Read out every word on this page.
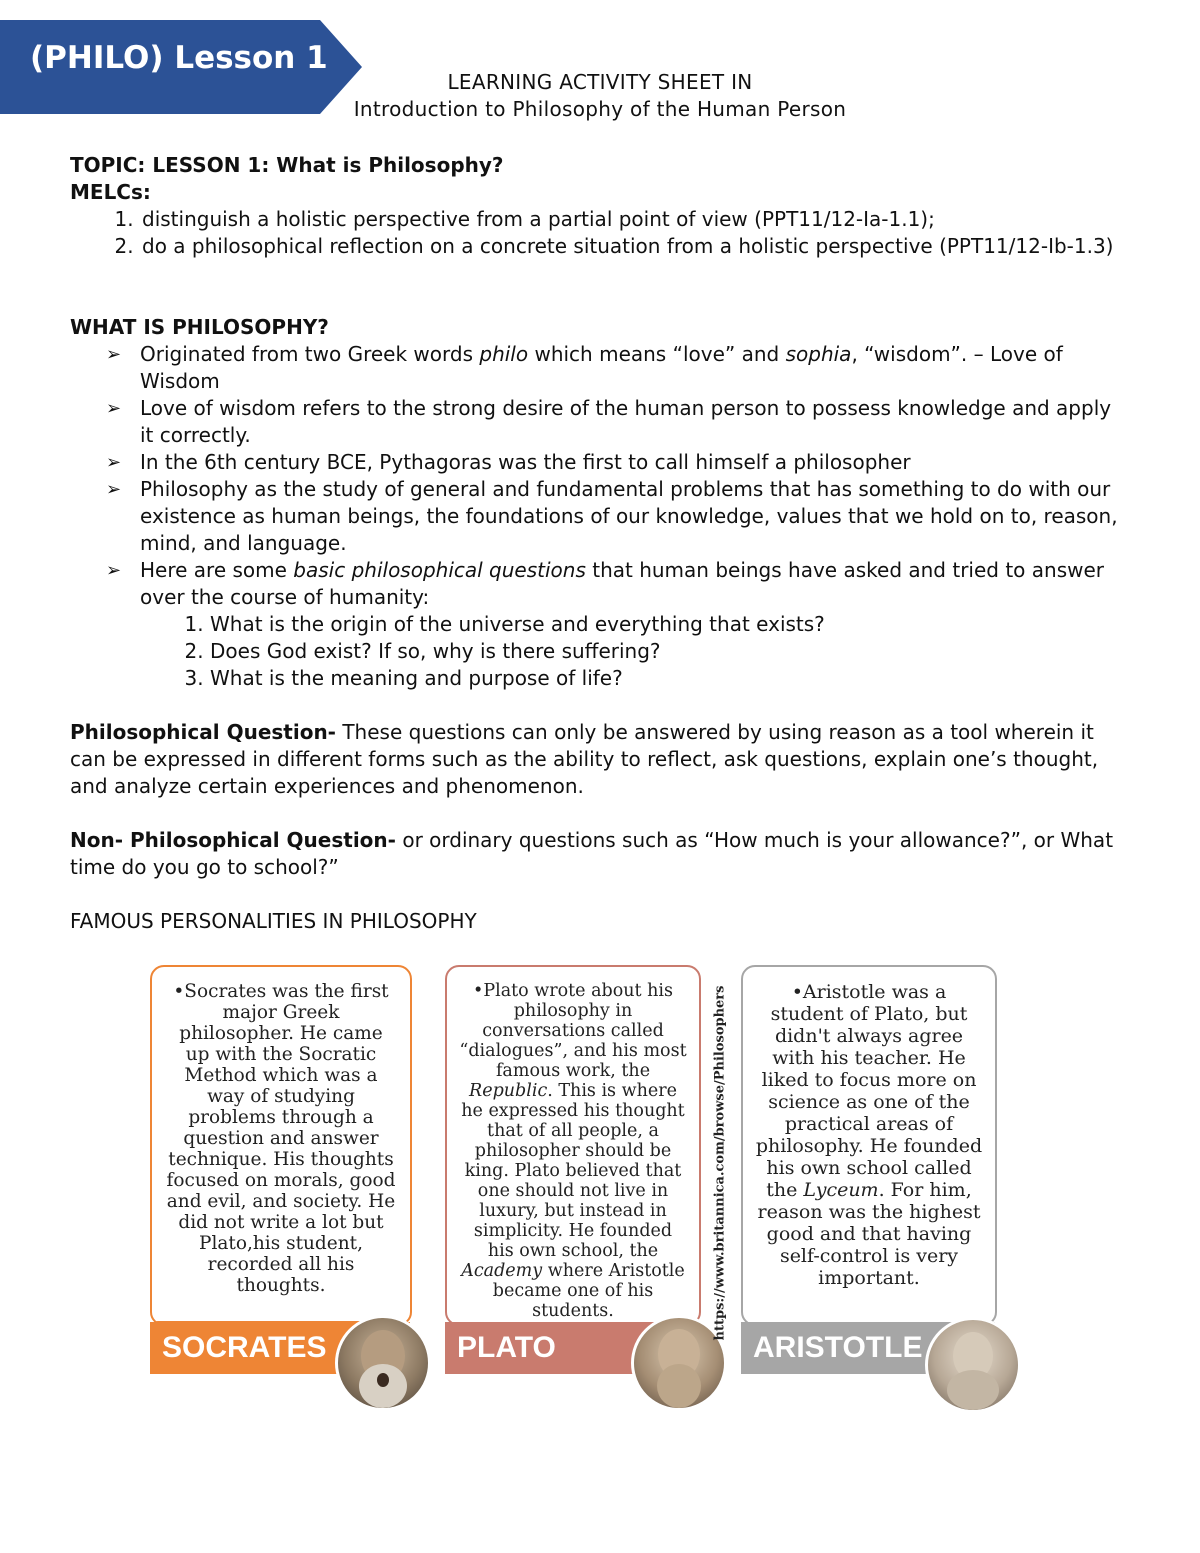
(PHILO) Lesson 1
LEARNING ACTIVITY SHEET IN
Introduction to Philosophy of the Human Person
TOPIC: LESSON 1: What is Philosophy?
MELCs:
1. distinguish a holistic perspective from a partial point of view (PPT11/12-Ia-1.1);
2. do a philosophical reflection on a concrete situation from a holistic perspective (PPT11/12-Ib-1.3)
WHAT IS PHILOSOPHY?
➢ Originated from two Greek words philo which means “love” and sophia, “wisdom”. – Love of Wisdom
➢ Love of wisdom refers to the strong desire of the human person to possess knowledge and apply it correctly.
➢ In the 6th century BCE, Pythagoras was the first to call himself a philosopher
➢ Philosophy as the study of general and fundamental problems that has something to do with our existence as human beings, the foundations of our knowledge, values that we hold on to, reason, mind, and language.
➢ Here are some basic philosophical questions that human beings have asked and tried to answer over the course of humanity:
1. What is the origin of the universe and everything that exists?
2. Does God exist? If so, why is there suffering?
3. What is the meaning and purpose of life?
Philosophical Question- These questions can only be answered by using reason as a tool wherein it can be expressed in different forms such as the ability to reflect, ask questions, explain one’s thought, and analyze certain experiences and phenomenon.
Non- Philosophical Question- or ordinary questions such as “How much is your allowance?”, or What time do you go to school?”
FAMOUS PERSONALITIES IN PHILOSOPHY
•Socrates was the first major Greek philosopher. He came up with the Socratic Method which was a way of studying problems through a question and answer technique. His thoughts focused on morals, good and evil, and society. He did not write a lot but Plato,his student, recorded all his thoughts.
SOCRATES
•Plato wrote about his philosophy in conversations called “dialogues”, and his most famous work, the Republic. This is where he expressed his thought that of all people, a philosopher should be king. Plato believed that one should not live in luxury, but instead in simplicity. He founded his own school, the Academy where Aristotle became one of his students.
PLATO
•Aristotle was a student of Plato, but didn't always agree with his teacher. He liked to focus more on science as one of the practical areas of philosophy. He founded his own school called the Lyceum. For him, reason was the highest good and that having self-control is very important.
ARISTOTLE
https://www.britannica.com/browse/Philosophers
